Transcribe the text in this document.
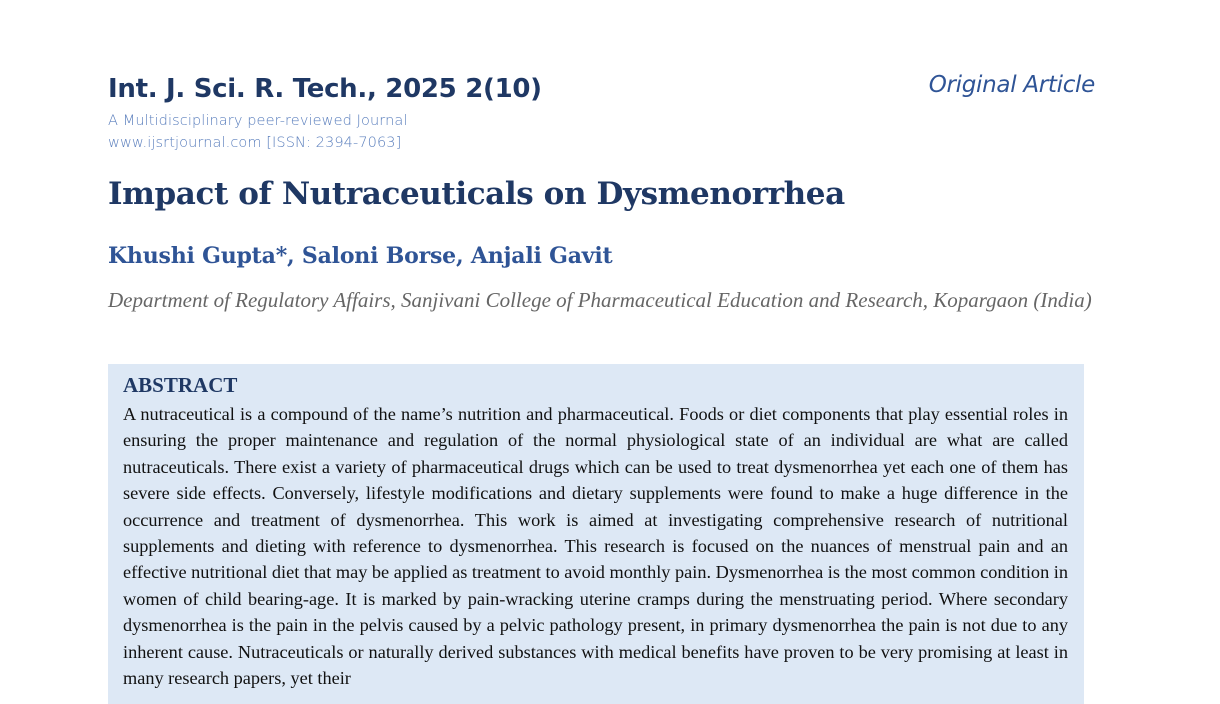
Int. J. Sci. R. Tech., 2025 2(10)	Original Article
A Multidisciplinary peer-reviewed Journal
www.ijsrtjournal.com [ISSN: 2394-7063]
Impact of Nutraceuticals on Dysmenorrhea
Khushi Gupta*, Saloni Borse, Anjali Gavit
Department of Regulatory Affairs, Sanjivani College of Pharmaceutical Education and Research, Kopargaon (India)
ABSTRACT

A nutraceutical is a compound of the name’s nutrition and pharmaceutical. Foods or diet components that play essential roles in ensuring the proper maintenance and regulation of the normal physiological state of an individual are what are called nutraceuticals. There exist a variety of pharmaceutical drugs which can be used to treat dysmenorrhea yet each one of them has severe side effects. Conversely, lifestyle modifications and dietary supplements were found to make a huge difference in the occurrence and treatment of dysmenorrhea. This work is aimed at investigating comprehensive research of nutritional supplements and dieting with reference to dysmenorrhea. This research is focused on the nuances of menstrual pain and an effective nutritional diet that may be applied as treatment to avoid monthly pain. Dysmenorrhea is the most common condition in women of child bearing-age. It is marked by pain-wracking uterine cramps during the menstruating period. Where secondary dysmenorrhea is the pain in the pelvis caused by a pelvic pathology present, in primary dysmenorrhea the pain is not due to any inherent cause. Nutraceuticals or naturally derived substances with medical benefits have proven to be very promising at least in many research papers, yet their
